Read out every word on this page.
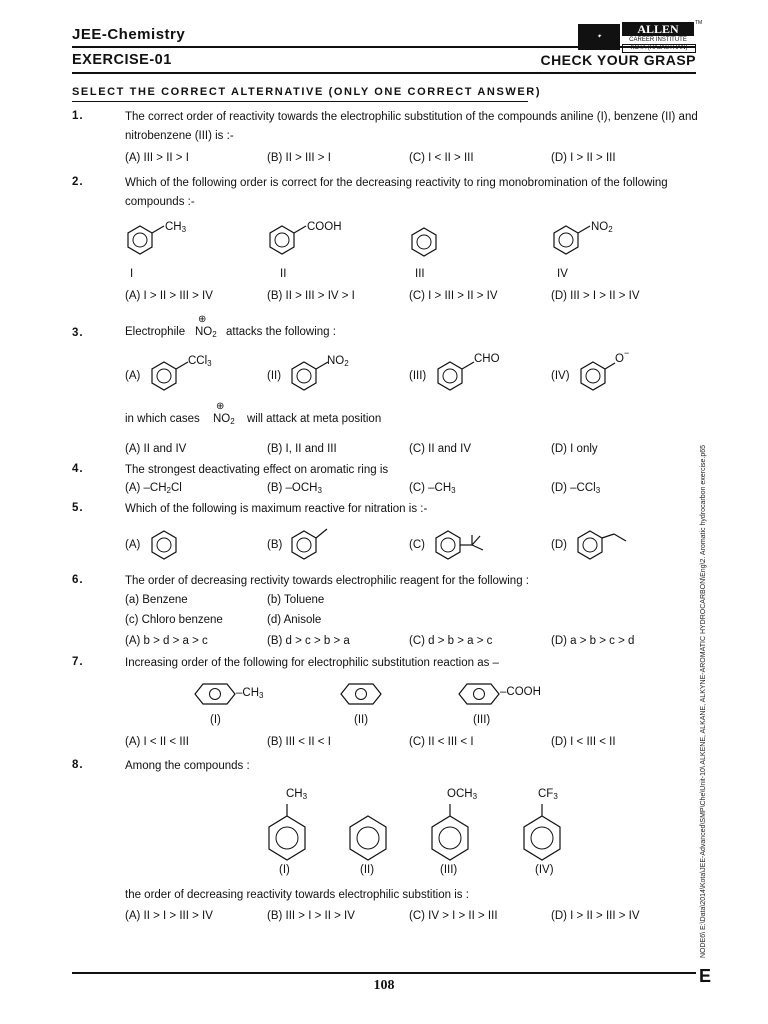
JEE-Chemistry
EXERCISE-01	CHECK YOUR GRASP
✦
ALLEN
CAREER INSTITUTE
KOTA (RAJASTHAN)
TM
SELECT THE CORRECT ALTERNATIVE (ONLY ONE CORRECT ANSWER)
1.	The correct order of reactivity towards the electrophilic substitution of the compounds aniline (I), benzene (II) and nitrobenzene (III) is :-
(A) III > II > I	(B) II > III > I	(C) I < II > III	(D) I > II > III
2.	Which of the following order is correct for the decreasing reactivity to ring monobromination of the following compounds :-
$CH_3$	COOH	$NO_2$
I	II	III	IV
(A) I > II > III > IV	(B) II > III > IV > I	(C) I > III > II > IV	(D) III > I > II > IV
3.	Electrophile
⊕
$NO_2$ attacks the following :
(A)
CCl$_3$
(II)
$NO_2$
(III)
CHO
(IV)
O −
in which cases
⊕
$NO_2$ will attack at meta position
(A) II and IV	(B) I, II and III	(C) II and IV	(D) I only
4.	The strongest deactivating effect on aromatic ring is
(A) $-CH_2Cl$	(B) $-OCH_3$	(C) $-CH_3$	(D) –CCl$_3$
5.	Which of the following is maximum reactive for nitration is :-
(A)	(B)	(C)	(D)
6.	The order of decreasing rectivity towards electrophilic reagent for the following :
(a) Benzene	(b) Toluene
(c) Chloro benzene	(d) Anisole
(A) b > d > a > c	(B) d > c > b > a	(C) d > b > a > c	(D) a > b > c > d
7.	Increasing order of the following for electrophilic substitution reaction as –
$-CH_3$	–COOH
(I)	(II)	(III)
(A) I < II < III	(B) III < II < I	(C) II < III < I	(D) I < III < II
8.	Among the compounds :
$CH_3$	$OCH_3$	$CF_3$
(I)	(II)	(III)	(IV)
the order of decreasing reactivity towards electrophilic substition is :
(A) II > I > III > IV	(B) III > I > II > IV	(C) IV > I > II > III	(D) I > II > III > IV
108	E
NODE6\ E:\Data\2014\Kota\JEE-Advanced\SMP\Che\Unit-10\ ALKENE, ALKANE, ALKYNE-AROMATIC HYDROCARBON\Eng\2. Aromatic hydrocarbon exercise.p65
